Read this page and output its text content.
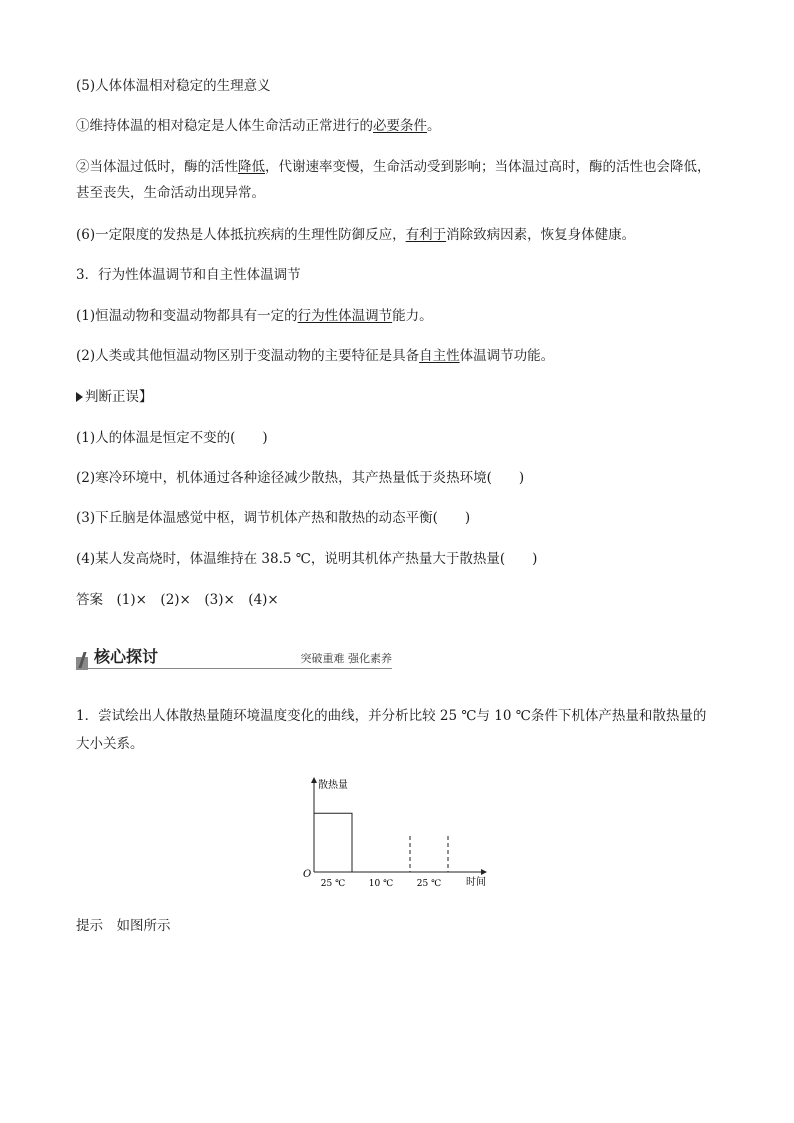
(5)人体体温相对稳定的生理意义
①维持体温的相对稳定是人体生命活动正常进行的必要条件。
②当体温过低时，酶的活性降低，代谢速率变慢，生命活动受到影响；当体温过高时，酶的活性也会降低，
甚至丧失，生命活动出现异常。
(6)一定限度的发热是人体抵抗疾病的生理性防御反应，有利于消除致病因素，恢复身体健康。
3．行为性体温调节和自主性体温调节
(1)恒温动物和变温动物都具有一定的行为性体温调节能力。
(2)人类或其他恒温动物区别于变温动物的主要特征是具备自主性体温调节功能。
判断正误】
(1)人的体温是恒定不变的(　　)
(2)寒冷环境中，机体通过各种途径减少散热，其产热量低于炎热环境(　　)
(3)下丘脑是体温感觉中枢，调节机体产热和散热的动态平衡(　　)
(4)某人发高烧时，体温维持在 38.5 ℃，说明其机体产热量大于散热量(　　)
答案　(1)×　(2)×　(3)×　(4)×
核心探讨	突破重难 强化素养
1．尝试绘出人体散热量随环境温度变化的曲线，并分析比较 25 ℃与 10 ℃条件下机体产热量和散热量的
大小关系。
散热量
时间
O
25 ℃	10 ℃	25 ℃
提示　如图所示
